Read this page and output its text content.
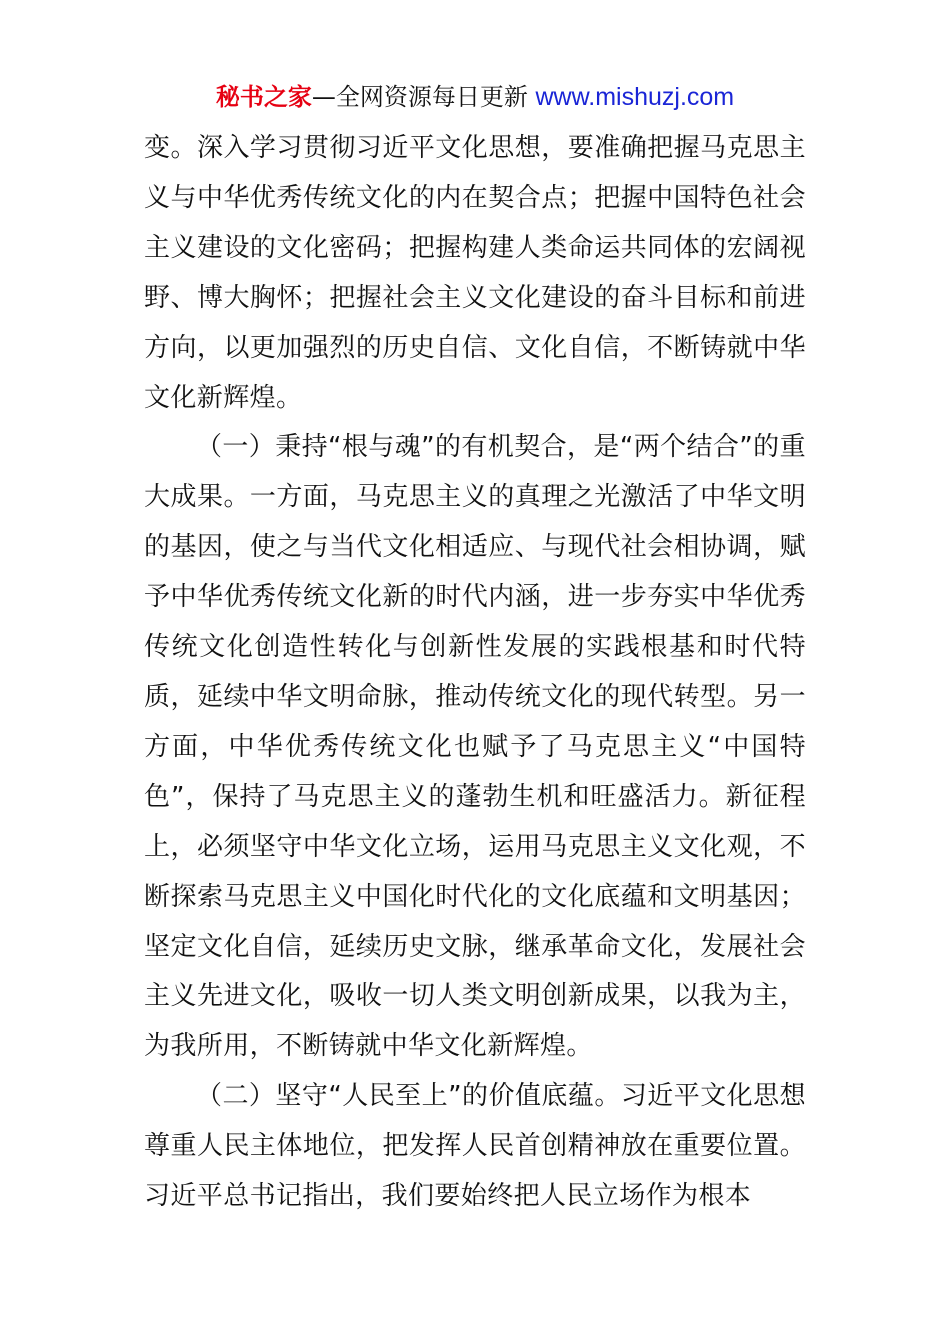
秘书之家—全网资源每日更新 www.mishuzj.com

变。深入学习贯彻习近平文化思想，要准确把握马克思主义与中华优秀传统文化的内在契合点；把握中国特色社会主义建设的文化密码；把握构建人类命运共同体的宏阔视野、博大胸怀；把握社会主义文化建设的奋斗目标和前进方向，以更加强烈的历史自信、文化自信，不断铸就中华文化新辉煌。

（一）秉持“根与魂”的有机契合，是“两个结合”的重大成果。一方面，马克思主义的真理之光激活了中华文明的基因，使之与当代文化相适应、与现代社会相协调，赋予中华优秀传统文化新的时代内涵，进一步夯实中华优秀传统文化创造性转化与创新性发展的实践根基和时代特质，延续中华文明命脉，推动传统文化的现代转型。另一方面，中华优秀传统文化也赋予了马克思主义“中国特色”，保持了马克思主义的蓬勃生机和旺盛活力。新征程上，必须坚守中华文化立场，运用马克思主义文化观，不断探索马克思主义中国化时代化的文化底蕴和文明基因；坚定文化自信，延续历史文脉，继承革命文化，发展社会主义先进文化，吸收一切人类文明创新成果，以我为主，为我所用，不断铸就中华文化新辉煌。

（二）坚守“人民至上”的价值底蕴。习近平文化思想尊重人民主体地位，把发挥人民首创精神放在重要位置。习近平总书记指出，我们要始终把人民立场作为根本
